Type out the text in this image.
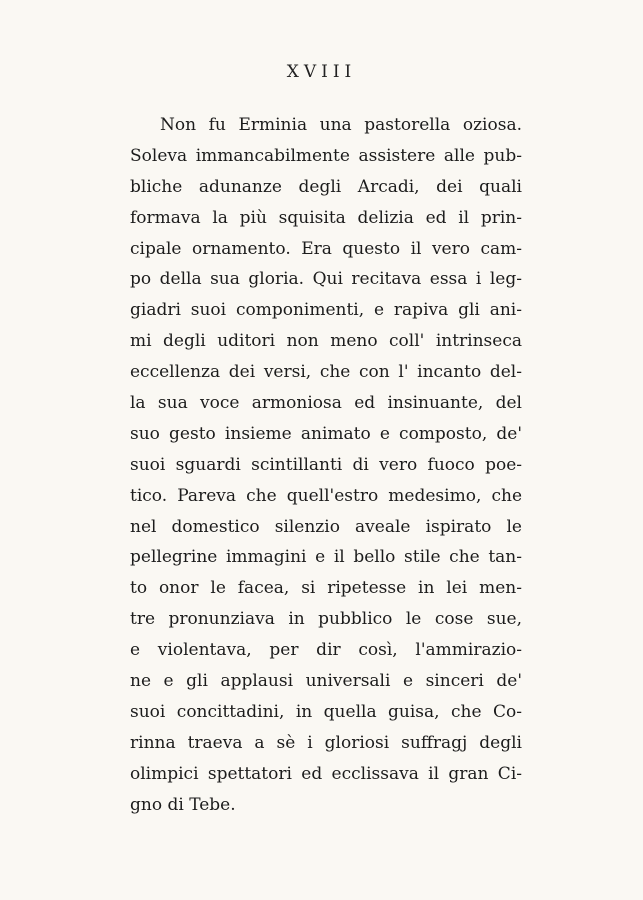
XVIII
Non fu Erminia una pastorella oziosa.
Soleva immancabilmente assistere alle pub-
bliche adunanze degli Arcadi, dei quali
formava la più squisita delizia ed il prin-
cipale ornamento. Era questo il vero cam-
po della sua gloria. Qui recitava essa i leg-
giadri suoi componimenti, e rapiva gli ani-
mi degli uditori non meno coll' intrinseca
eccellenza dei versi, che con l' incanto del-
la sua voce armoniosa ed insinuante, del
suo gesto insieme animato e composto, de'
suoi sguardi scintillanti di vero fuoco poe-
tico. Pareva che quell'estro medesimo, che
nel domestico silenzio avealе ispirato le
pellegrine immagini e il bello stile che tan-
to onor le facea, si ripetesse in lei men-
tre pronunziava in pubblico le cose sue,
e violentava, per dir così, l'ammirazio-
ne e gli applausi universali e sinceri de'
suoi concittadini, in quella guisa, che Co-
rinna traeva a sè i gloriosi suffragj degli
olimpici spettatori ed ecclissava il gran Ci-
gno di Tebe.
